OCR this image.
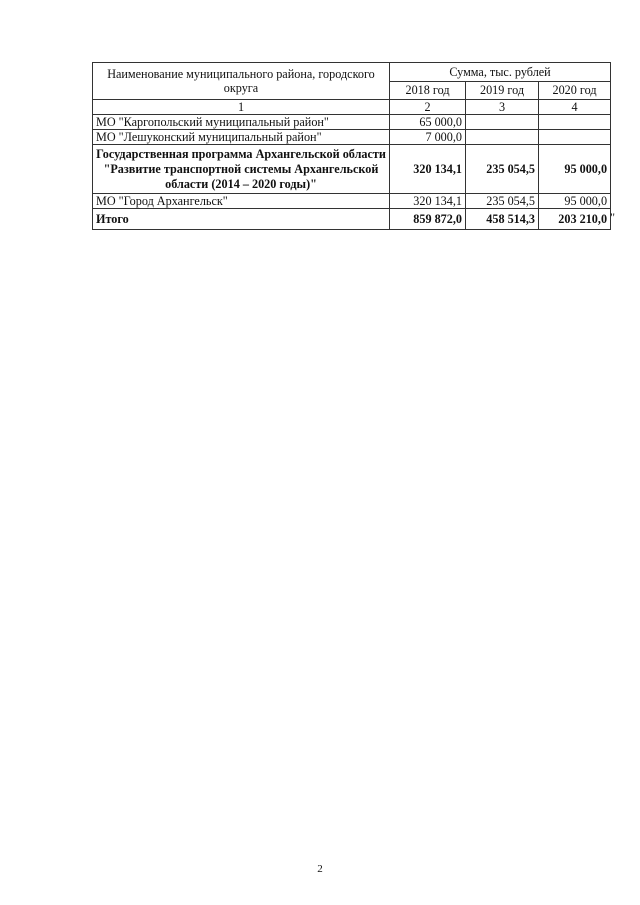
Наименование муниципального района, городского округа	Сумма, тыс. рублей		
	2018 год	2019 год	2020 год
1	2	3	4
МО "Каргопольский муниципальный район"	65 000,0		
МО "Лешуконский муниципальный район"	7 000,0		
Государственная программа Архангельской области "Развитие транспортной системы Архангельской области (2014 – 2020 годы)"	320 134,1	235 054,5	95 000,0
МО "Город Архангельск"	320 134,1	235 054,5	95 000,0
Итого	859 872,0	458 514,3	203 210,0 "
2
